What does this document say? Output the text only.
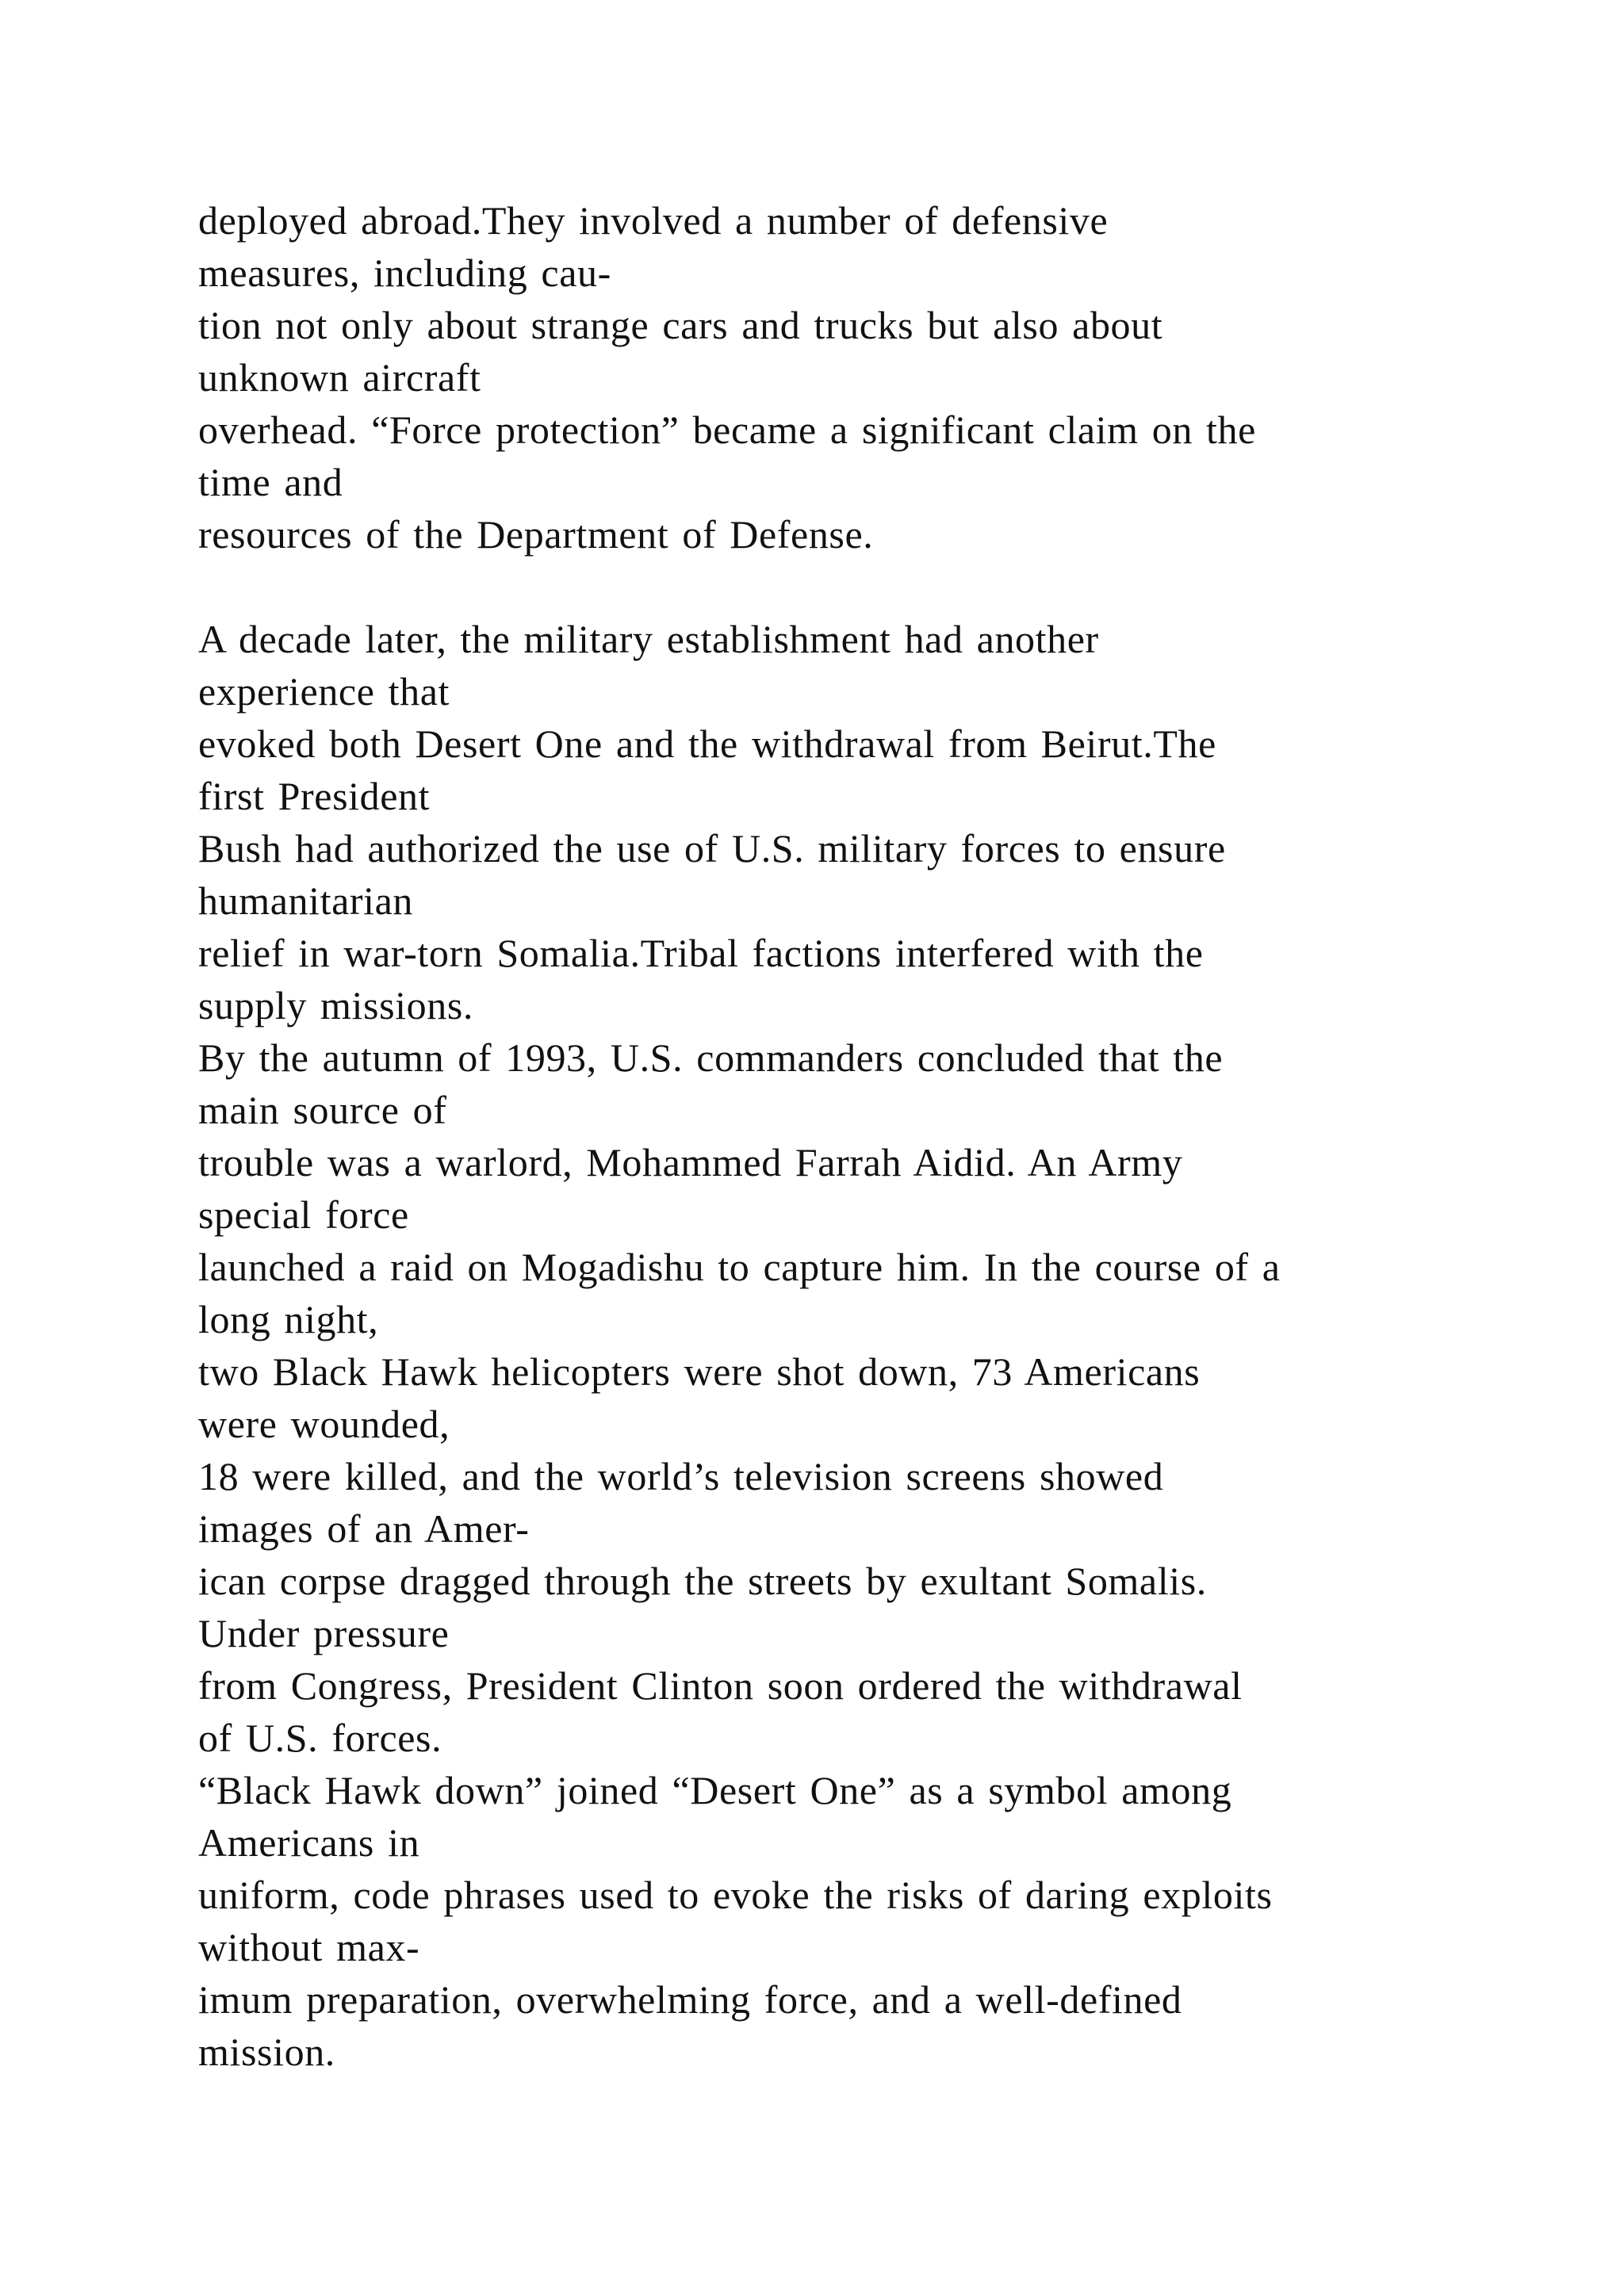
deployed abroad.They involved a number of defensive
measures, including cau-
tion not only about strange cars and trucks but also about
unknown aircraft
overhead. “Force protection” became a significant claim on the
time and
resources of the Department of Defense.
A decade later, the military establishment had another
experience that
evoked both Desert One and the withdrawal from Beirut.The
first President
Bush had authorized the use of U.S. military forces to ensure
humanitarian
relief in war-torn Somalia.Tribal factions interfered with the
supply missions.
By the autumn of 1993, U.S. commanders concluded that the
main source of
trouble was a warlord, Mohammed Farrah Aidid. An Army
special force
launched a raid on Mogadishu to capture him. In the course of a
long night,
two Black Hawk helicopters were shot down, 73 Americans
were wounded,
18 were killed, and the world’s television screens showed
images of an Amer-
ican corpse dragged through the streets by exultant Somalis.
Under pressure
from Congress, President Clinton soon ordered the withdrawal
of U.S. forces.
“Black Hawk down” joined “Desert One” as a symbol among
Americans in
uniform, code phrases used to evoke the risks of daring exploits
without max-
imum preparation, overwhelming force, and a well-defined
mission.
